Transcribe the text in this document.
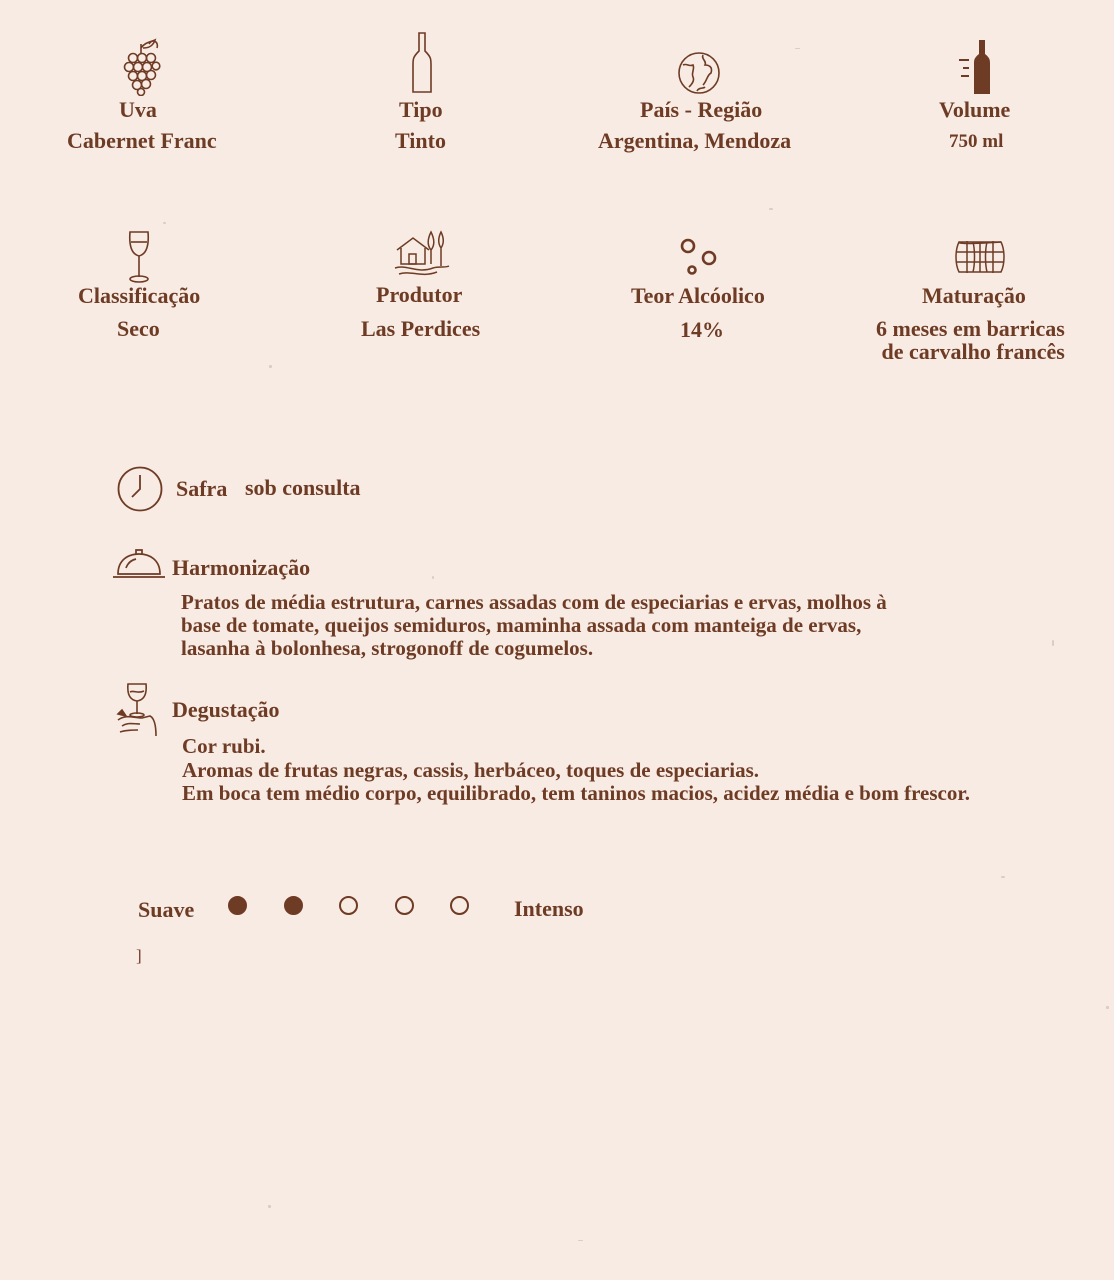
Uva
Cabernet Franc
Tipo
Tinto
País - Região
Argentina, Mendoza
Volume
750 ml
Classificação
Seco
Produtor
Las Perdices
Teor Alcóolico
14%
Maturação
6 meses em barricas
de carvalho francês
Safra sob consulta
Harmonização
Pratos de média estrutura, carnes assadas com de especiarias e ervas, molhos à
base de tomate, queijos semiduros, maminha assada com manteiga de ervas,
lasanha à bolonhesa, strogonoff de cogumelos.
Degustação
Cor rubi.
Aromas de frutas negras, cassis, herbáceo, toques de especiarias.
Em boca tem médio corpo, equilibrado, tem taninos macios, acidez média e bom frescor.
Suave	Intenso
]
